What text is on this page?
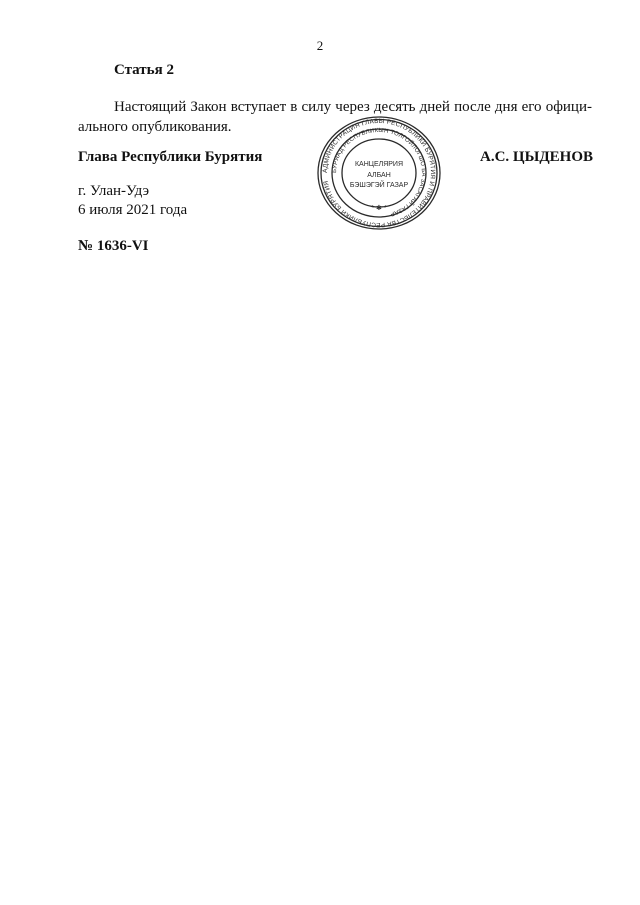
2
Статья 2
Настоящий Закон вступает в силу через десять дней после дня его офици-
ального опубликования.
Глава Республики Бурятия	А.С. ЦЫДЕНОВ
г. Улан-Удэ
6 июля 2021 года
№ 1636-VI
АДМИНИСТРАЦИЯ ГЛАВЫ РЕСПУБЛИКИ БУРЯТИЯ И ПРАВИТЕЛЬСТВА РЕСПУБЛИКИ БУРЯТИЯ
БУРЯАД РЕСПУБЛИКЫН ТОЛГОЙЛОГШО БА ЗАСАГАЙ ГАЗАР
КАНЦЕЛЯРИЯ
АЛБАН
БЭШЭГЭЙ ГАЗАР
* ✱ *
